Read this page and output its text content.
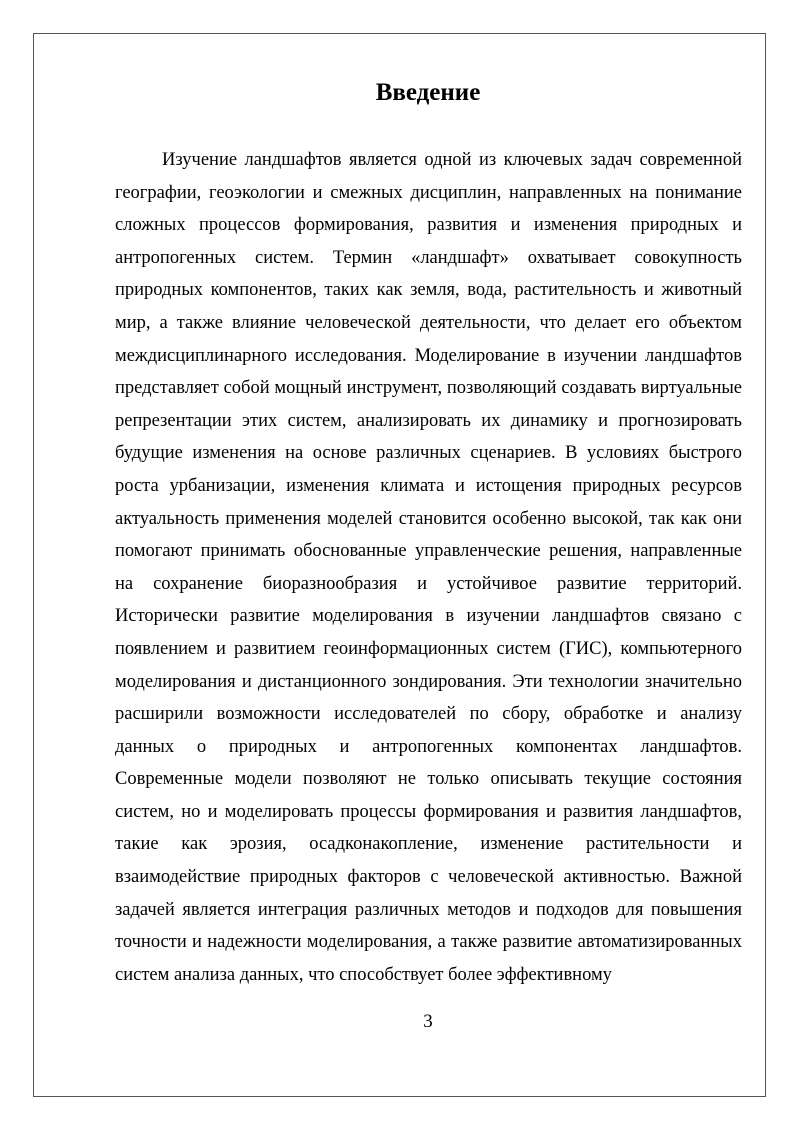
Введение

Изучение ландшафтов является одной из ключевых задач современной географии, геоэкологии и смежных дисциплин, направленных на понимание сложных процессов формирования, развития и изменения природных и антропогенных систем. Термин «ландшафт» охватывает совокупность природных компонентов, таких как земля, вода, растительность и животный мир, а также влияние человеческой деятельности, что делает его объектом междисциплинарного исследования. Моделирование в изучении ландшафтов представляет собой мощный инструмент, позволяющий создавать виртуальные репрезентации этих систем, анализировать их динамику и прогнозировать будущие изменения на основе различных сценариев. В условиях быстрого роста урбанизации, изменения климата и истощения природных ресурсов актуальность применения моделей становится особенно высокой, так как они помогают принимать обоснованные управленческие решения, направленные на сохранение биоразнообразия и устойчивое развитие территорий. Исторически развитие моделирования в изучении ландшафтов связано с появлением и развитием геоинформационных систем (ГИС), компьютерного моделирования и дистанционного зондирования. Эти технологии значительно расширили возможности исследователей по сбору, обработке и анализу данных о природных и антропогенных компонентах ландшафтов. Современные модели позволяют не только описывать текущие состояния систем, но и моделировать процессы формирования и развития ландшафтов, такие как эрозия, осадконакопление, изменение растительности и взаимодействие природных факторов с человеческой активностью. Важной задачей является интеграция различных методов и подходов для повышения точности и надежности моделирования, а также развитие автоматизированных систем анализа данных, что способствует более эффективному

3
